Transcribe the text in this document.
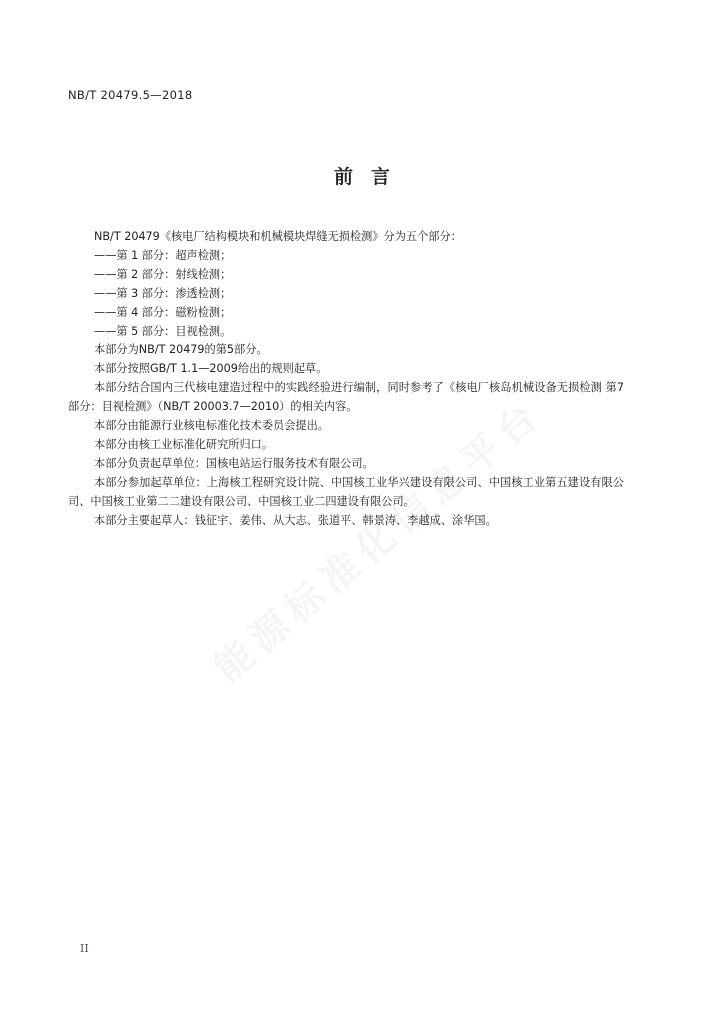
NB/T 20479.5—2018
前言

NB/T 20479《核电厂结构模块和机械模块焊缝无损检测》分为五个部分：

——第 1 部分：超声检测；

——第 2 部分：射线检测；

——第 3 部分：渗透检测；

——第 4 部分：磁粉检测；

——第 5 部分：目视检测。

本部分为NB/T 20479的第5部分。

本部分按照GB/T 1.1—2009给出的规则起草。

本部分结合国内三代核电建造过程中的实践经验进行编制，同时参考了《核电厂核岛机械设备无损检测 第7部分：目视检测》（NB/T 20003.7—2010）的相关内容。

本部分由能源行业核电标准化技术委员会提出。

本部分由核工业标准化研究所归口。

本部分负责起草单位：国核电站运行服务技术有限公司。

本部分参加起草单位：上海核工程研究设计院、中国核工业华兴建设有限公司、中国核工业第五建设有限公司、中国核工业第二二建设有限公司、中国核工业二四建设有限公司。

本部分主要起草人：钱征宇、姜伟、从大志、张道平、韩景涛、李越成、涂华国。

II
